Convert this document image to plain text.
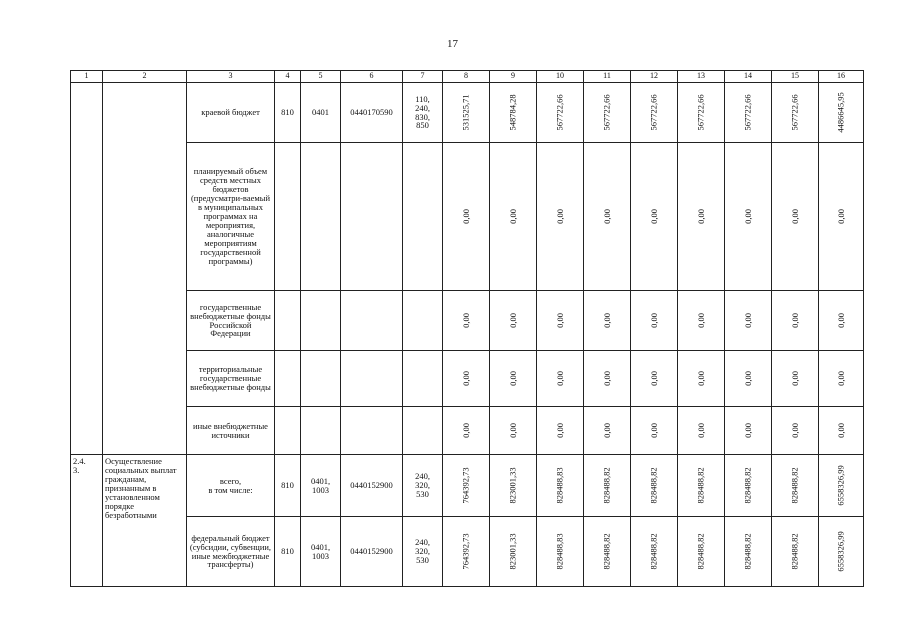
17
1	2	3	4	5	6	7	8	9	10	11	12	13	14	15	16
		краевой бюджет	810	0401	0440170590	110,
240,
830,
850	531525,71	548784,28	567722,66	567722,66	567722,66	567722,66	567722,66	567722,66	4486645,95
		планируемый объем средств местных бюджетов (предусматри-ваемый в муниципальных программах на мероприятия, аналогичные мероприятиям государственной программы)					0,00	0,00	0,00	0,00	0,00	0,00	0,00	0,00	0,00
		государственные внебюджетные фонды Российской Федерации					0,00	0,00	0,00	0,00	0,00	0,00	0,00	0,00	0,00
		территориальные государственные внебюджетные фонды					0,00	0,00	0,00	0,00	0,00	0,00	0,00	0,00	0,00
		иные внебюджетные источники					0,00	0,00	0,00	0,00	0,00	0,00	0,00	0,00	0,00
2.4.
3.	Осуществление социальных выплат гражданам, признанным в установленном порядке безработными	всего,
в том числе:	810	0401,
1003	0440152900	240,
320,
530	764392,73	823001,33	828488,83	828488,82	828488,82	828488,82	828488,82	828488,82	6558326,99
		федеральный бюджет (субсидии, субвенции, иные межбюджетные трансферты)	810	0401,
1003	0440152900	240,
320,
530	764392,73	823001,33	828488,83	828488,82	828488,82	828488,82	828488,82	828488,82	6558326,99
